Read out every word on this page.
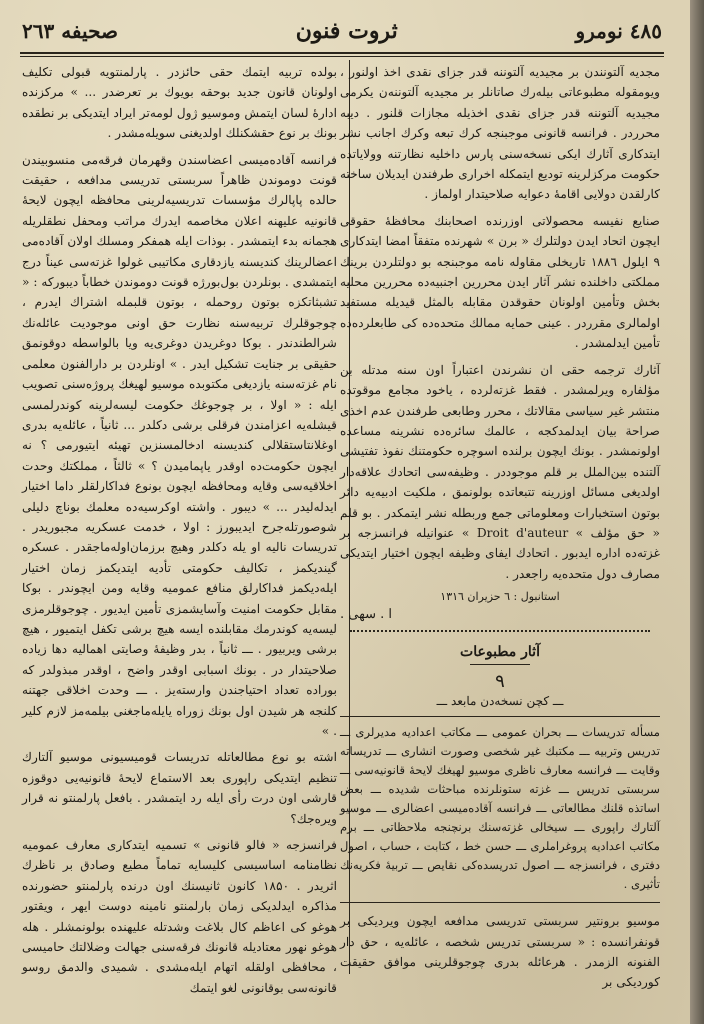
٤٨٥ نومرو
ثروت فنون
صحیفه ۲٦۳

مجدیه آلتونندن بر مجیدیه آلتوننه قدر جزای نقدی اخذ اولنور ، ویومقوله مطبوعاتی بیلەرك صاتانلر بر مجیدیه آلتوننەن یکرمی مجیدیه آلتوننه قدر جزای نقدی اخذیله مجازات قلنور . دیبه محرردر . فرانسه قانونی موجبنجه کرك تبعه وکرك اجانب نشر ایتدکاری آثارك ایکی نسخه‌سنی پارس داخلیه نظارتنه وولایاتده حکومت مرکزلرینه تودیع ایتمکله اخراری طرفندن ایدیلان ساخته کارلقدن دولایی اقامهٔ دعوایه صلاحیتدار اولماز .

صنایع نفیسه محصولاتی اوزرنده اصحابنك محافظهٔ حقوقی ایچون اتحاد ایدن دولتلرك « برن » شهرنده متفقاً امضا ایتدکاری ۹ ایلول ۱۸۸٦ تاریخلی مقاوله نامه موجبنجه بو دولتلردن برینك مملکتی داخلنده نشر آثار ایدن محررین اجنبیه‌ده محررین محلیه بخش وتأمین اولونان حقوقدن مقابله بالمثل قیدیله مستفید اولمالری مقرردر . عینی حمایه ممالك متحده‌ده‌ کی طابعلرده‌ده تأمین ایدلمشدر .

آثارك ترجمه حقی ان نشرندن اعتباراً اون سنه مدتله بن مؤلفاره ویرلمشدر . فقط غزته‌لرده ، یاخود مجامع موقوتده منتشر غیر سیاسی مقالاتك ، محرر وطابعی طرفندن عدم اخذی صراحة بیان ایدلمدکجه ، عالمك سائرەده نشرینه مساعده اولونمشدر . بونك ایچون برلنده اسوچره حکومتنك نفوذ تفتیشی آلتنده بین‌الملل بر قلم موجوددر . وظیفه‌سی اتحادك علاقه‌دار اولدیغی مسائل اوزرینه تتبعاتده بولونمق ، ملکیت ادبیه‌یه دائر بوتون استخبارات ومعلوماتی جمع وربطله نشر ایتمکدر . بو قلم « حق مؤلف » Droit d'auteur » عنوانیله فرانسزجه بر غزته‌ده اداره ایدبور . اتحادك ایفای وظیفه ایچون اختیار ایتدیکی مصارف دول متحده‌یه راجعدر .

استانبول : ٦ حزیران ۱۳۱٦
ا . سهی .
آثار مطبوعات
۹
ـــ کچن نسخه‌دن مابعد ـــ

مسأله تدریسات ـــ بحران عمومی ـــ مکاتب اعدادیه مدیرلری ـــ تدریس وتربیه ـــ مکتبك غیر شخصی وصورت انشاری ـــ تدریساته وقایت ـــ فرانسه معارف ناظری موسیو لهیغك لایحهٔ قانونیه‌سی ـــ سربستی تدریس ـــ غزته ستونلرنده مباحثات شدیده ـــ بعض اساتذه قلنك مطالعاتی ـــ فرانسه آقادەمیسی اعضالری ـــ موسیو آلتارك راپوری ـــ سیخالی غزته‌سنك برنچنجه ملاحظاتی ـــ برم مکاتب اعدادیه پروغراملری ـــ حسن خط ، کتابت ، حساب ، اصول دفتری ، فرانسزجه ـــ اصول تدریسده‌کی نقایص ـــ تربیهٔ فکریه‌نك تأثیری .

موسیو برونتیر سربستی تدریسی مدافعه ایچون ویردیکی بر قونفرانسده : « سربستی تدریس شخصه ، عائله‌یه ، حق دار الفنونه الزمدر . هرعائله بدری چوجوقلرینی موافق حقیقت کوردیکی بر

بولده تربیه ایتمك حقی حائزدر . پارلمنتویه قبولی تکلیف اولونان قانون جدید بوحقه بویوك بر تعرضدر ... » مرکزنده ادارهٔ لسان ایتمش وموسیو ژول لومه‌تر ایراد ایتدیکی بر نطقده بونك بر نوع حقشکنلك اولدیغنی سویلەمشدر .

فرانسه آقادەمیسی اعضاسندن وقهرمان فرقه‌می منسوبیندن قونت دوموندن ظاهراً سربستی تدریسی مدافعه ، حقیقت حالده پاپالرك مؤسسات تدریسیه‌لرینی محافظه ایچون لایحهٔ قانونیه علیهنه اعلان مخاصمه ایدرك مراتب ومحفل نطقلریله هجمانه بدء ایتمشدر . بوذات ایله همفکر ومسلك اولان آقادەمی اعضالرینك کندیسنه یازدقاری مکاتیبی غولوا غزته‌سی عیناً درج ایتمشدی . بونلردن بول‌بورژه قونت دوموندن خطاباً دیبورکه : « تشبثاتکزه بوتون روحمله ، بوتون قلبمله اشتراك ایدرم ، چوجوقلرك تربیه‌سنه نظارت حق اونی موجودیت عائلەنك شرالطندندر . بوکا دوغریدن دوغری‌یه ویا بالواسطه دوقونمق حقیقی بر جنایت تشکیل ایدر . » اونلردن بر دارالفنون معلمی نام غزته‌سنه یازدیغی مکتوبده موسیو لهیغك پروژه‌سنی تصویب ایله : « اولا ، بر چوجوغك حکومت لیسەلرینه کوندرلمسی قیشلەیه اعزامندن فرقلی برشی دکلدر ... ثانیاً ، عائلەیه بدری اوغلانتاستقلالی کندیسنه ادخالمسنزین تهیئه ایتیورمی ؟ نه ایچون حکومت‌ده اوقدر یاپمامیدن ؟ » ثالثاً ، مملکتك وحدت اخلاقیه‌سی وقایه ومحافظه ایچون بونوع فداکارلقلر داما اختیار ایدله‌لیدر ... » دیبور . واشته اوکرسیه‌ده معلمك بوناچ دلیلی شوصورتله‌جرح ایدیبورز : اولا ، خدمت عسکریه مجبوریدر . تدریسات نالیه او یله دکلدر وهیچ برزمان‌اوله‌ماجقدر . عسکره گیندیکمز ، تکالیف حکومتی تأدیه ایتدیکمز زمان اختیار ایله‌دیکمز فداکارلق منافع عمومیه وقایه ومن ایچوندر . بوکا مقابل حکومت امنیت وآسایشمزی تأمین ایدیور . چوجوقلرمزی لیسه‌یه کوندرمك مقابلنده ایسه هیچ برشی تکفل ایتمیور ، هیچ برشی ویربیور . ـــ ثانیاً ، بدر وظیفهٔ وصایتی اهمالیه دها زیاده صلاحیتدار در . بونك اسبابی اوقدر واضح ، اوقدر مبذولدر که بوراده تعداد احتیاجندن وارسته‌یز . ـــ وحدت اخلاقی جهتنه کلنجه هر شیدن اول بونك زوراه یایلەماجغنی بیلمه‌مز لازم کلیر . »

اشته بو نوع مطالعاتله تدریسات قومیسیونی موسیو آلتارك تنظیم ایتدیکی راپوری بعد الاستماع لایحهٔ قانونیه‌یی دوقوزه قارشی اون درت رأی ایله رد ایتمشدر . بافعل پارلمنتو نه قرار ویره‌جك؟

فرانسزجه « فالو قانونی » تسمیه ایتدکاری معارف عمومیه نظامنامه اساسیسی کلیسایه تماماً مطیع وصادق بر ناظرك اثریدر . ۱۸۵۰ کانون ثانیسنك اون درنده پارلمنتو حضورنده مذاکره ایدلدیکی زمان بارلمنتو نامینه دوست ایهر ، ویقتور هوغو کی اعاظم کال بلاغت وشدتله علیهنده بولونمشلر . هله هوغو نهور معتادیله قانونك فرقه‌سنی جهالت وضلالتك حامیسی ، محافظی اولقله اتهام ایله‌مشدی . شمیدی والدمق روسو قانونه‌سی بوقانونی لغو ایتمك
